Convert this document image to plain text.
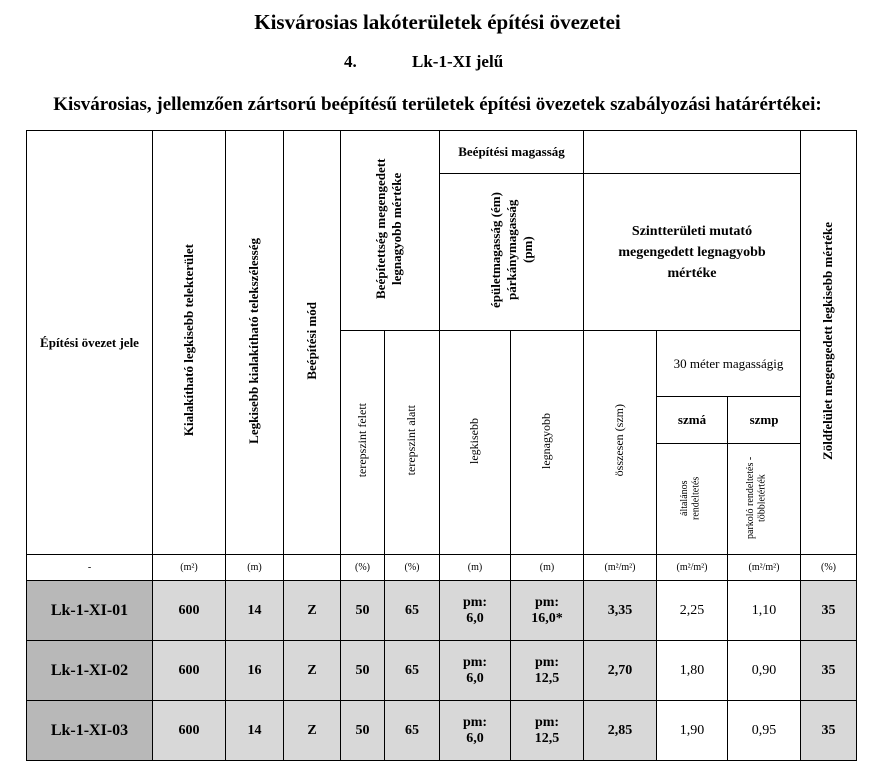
Kisvárosias lakóterületek építési övezetei
4.	Lk-1-XI jelű
Kisvárosias, jellemzően zártsorú beépítésű területek építési övezetek szabályozási határértékei:
Építési övezet jele	Kialakítható legkisebb telekterület	Legkisebb kialakítható telekszélesség	Beépítési mód	Beépítettség megengedett legnagyobb mértéke		Beépítési magasság					Zöldfelület megengedett legkisebb mértéke
						épületmagasság (ém) párkánymagasság (pm)		Szintterületi mutató megengedett legnagyobb mértéke			
				terepszint felett	terepszint alatt	legkisebb	legnagyobb	összesen (szm)	30 méter magasságig		
									szmá	szmp	
									általános rendeltetés	parkoló rendeltetés - többletérték	
-	(m²)	(m)		(%)	(%)	(m)	(m)	(m²/m²)	(m²/m²)	(m²/m²)	(%)
Lk-1-XI-01	600	14	Z	50	65	pm:
6,0	pm:
16,0*	3,35	2,25	1,10	35
Lk-1-XI-02	600	16	Z	50	65	pm:
6,0	pm:
12,5	2,70	1,80	0,90	35
Lk-1-XI-03	600	14	Z	50	65	pm:
6,0	pm:
12,5	2,85	1,90	0,95	35
